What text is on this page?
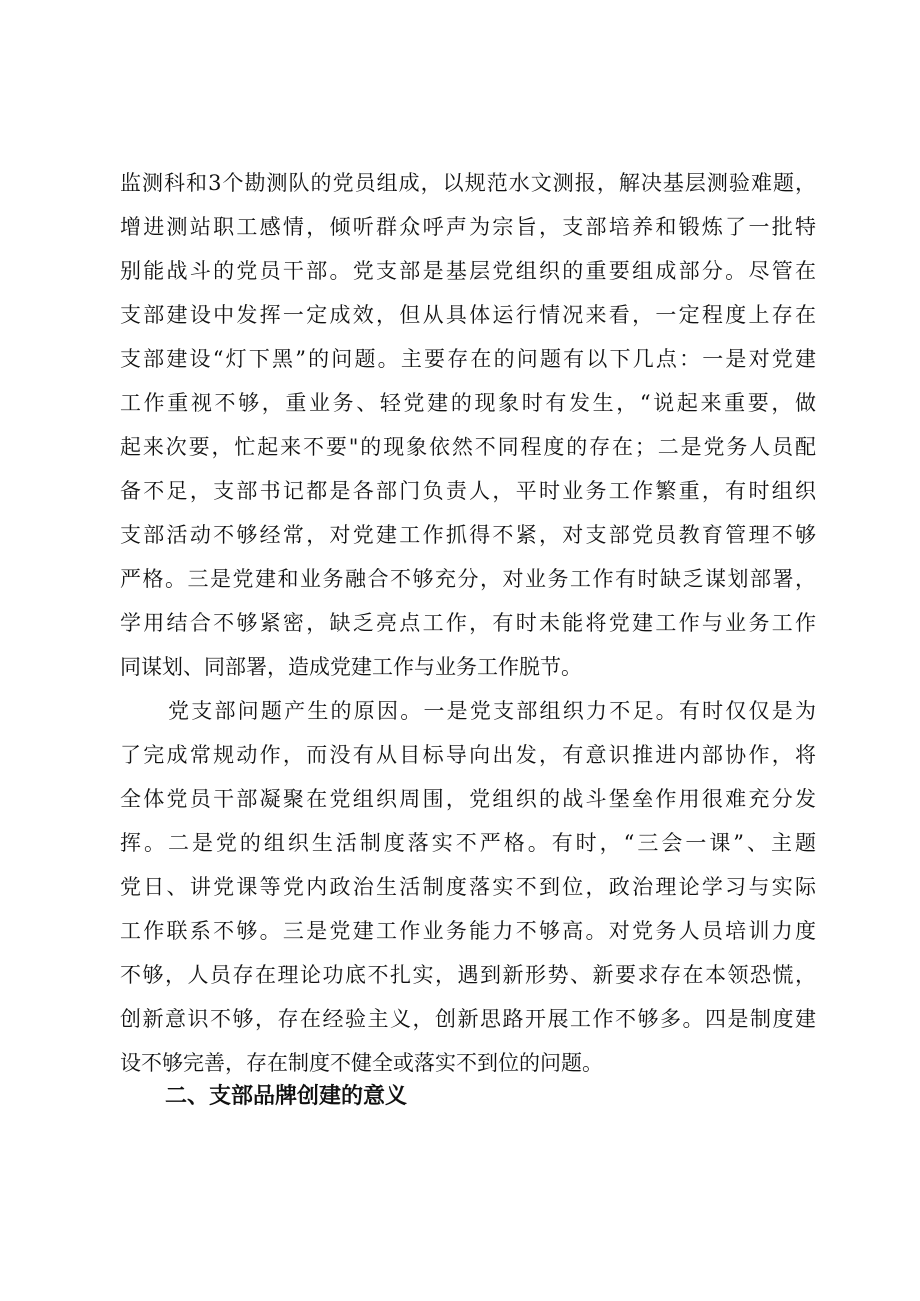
监测科和3个勘测队的党员组成，以规范水文测报，解决基层测验难题，
增进测站职工感情，倾听群众呼声为宗旨，支部培养和锻炼了一批特
别能战斗的党员干部。党支部是基层党组织的重要组成部分。尽管在
支部建设中发挥一定成效，但从具体运行情况来看，一定程度上存在
支部建设“灯下黑”的问题。主要存在的问题有以下几点：一是对党建
工作重视不够，重业务、轻党建的现象时有发生，“说起来重要，做
起来次要，忙起来不要"的现象依然不同程度的存在；二是党务人员配
备不足，支部书记都是各部门负责人，平时业务工作繁重，有时组织
支部活动不够经常，对党建工作抓得不紧，对支部党员教育管理不够
严格。三是党建和业务融合不够充分，对业务工作有时缺乏谋划部署，
学用结合不够紧密，缺乏亮点工作，有时未能将党建工作与业务工作
同谋划、同部署，造成党建工作与业务工作脱节。
党支部问题产生的原因。一是党支部组织力不足。有时仅仅是为
了完成常规动作，而没有从目标导向出发，有意识推进内部协作，将
全体党员干部凝聚在党组织周围，党组织的战斗堡垒作用很难充分发
挥。二是党的组织生活制度落实不严格。有时，“三会一课”、主题
党日、讲党课等党内政治生活制度落实不到位，政治理论学习与实际
工作联系不够。三是党建工作业务能力不够高。对党务人员培训力度
不够，人员存在理论功底不扎实，遇到新形势、新要求存在本领恐慌，
创新意识不够，存在经验主义，创新思路开展工作不够多。四是制度建
设不够完善，存在制度不健全或落实不到位的问题。
二、支部品牌创建的意义
